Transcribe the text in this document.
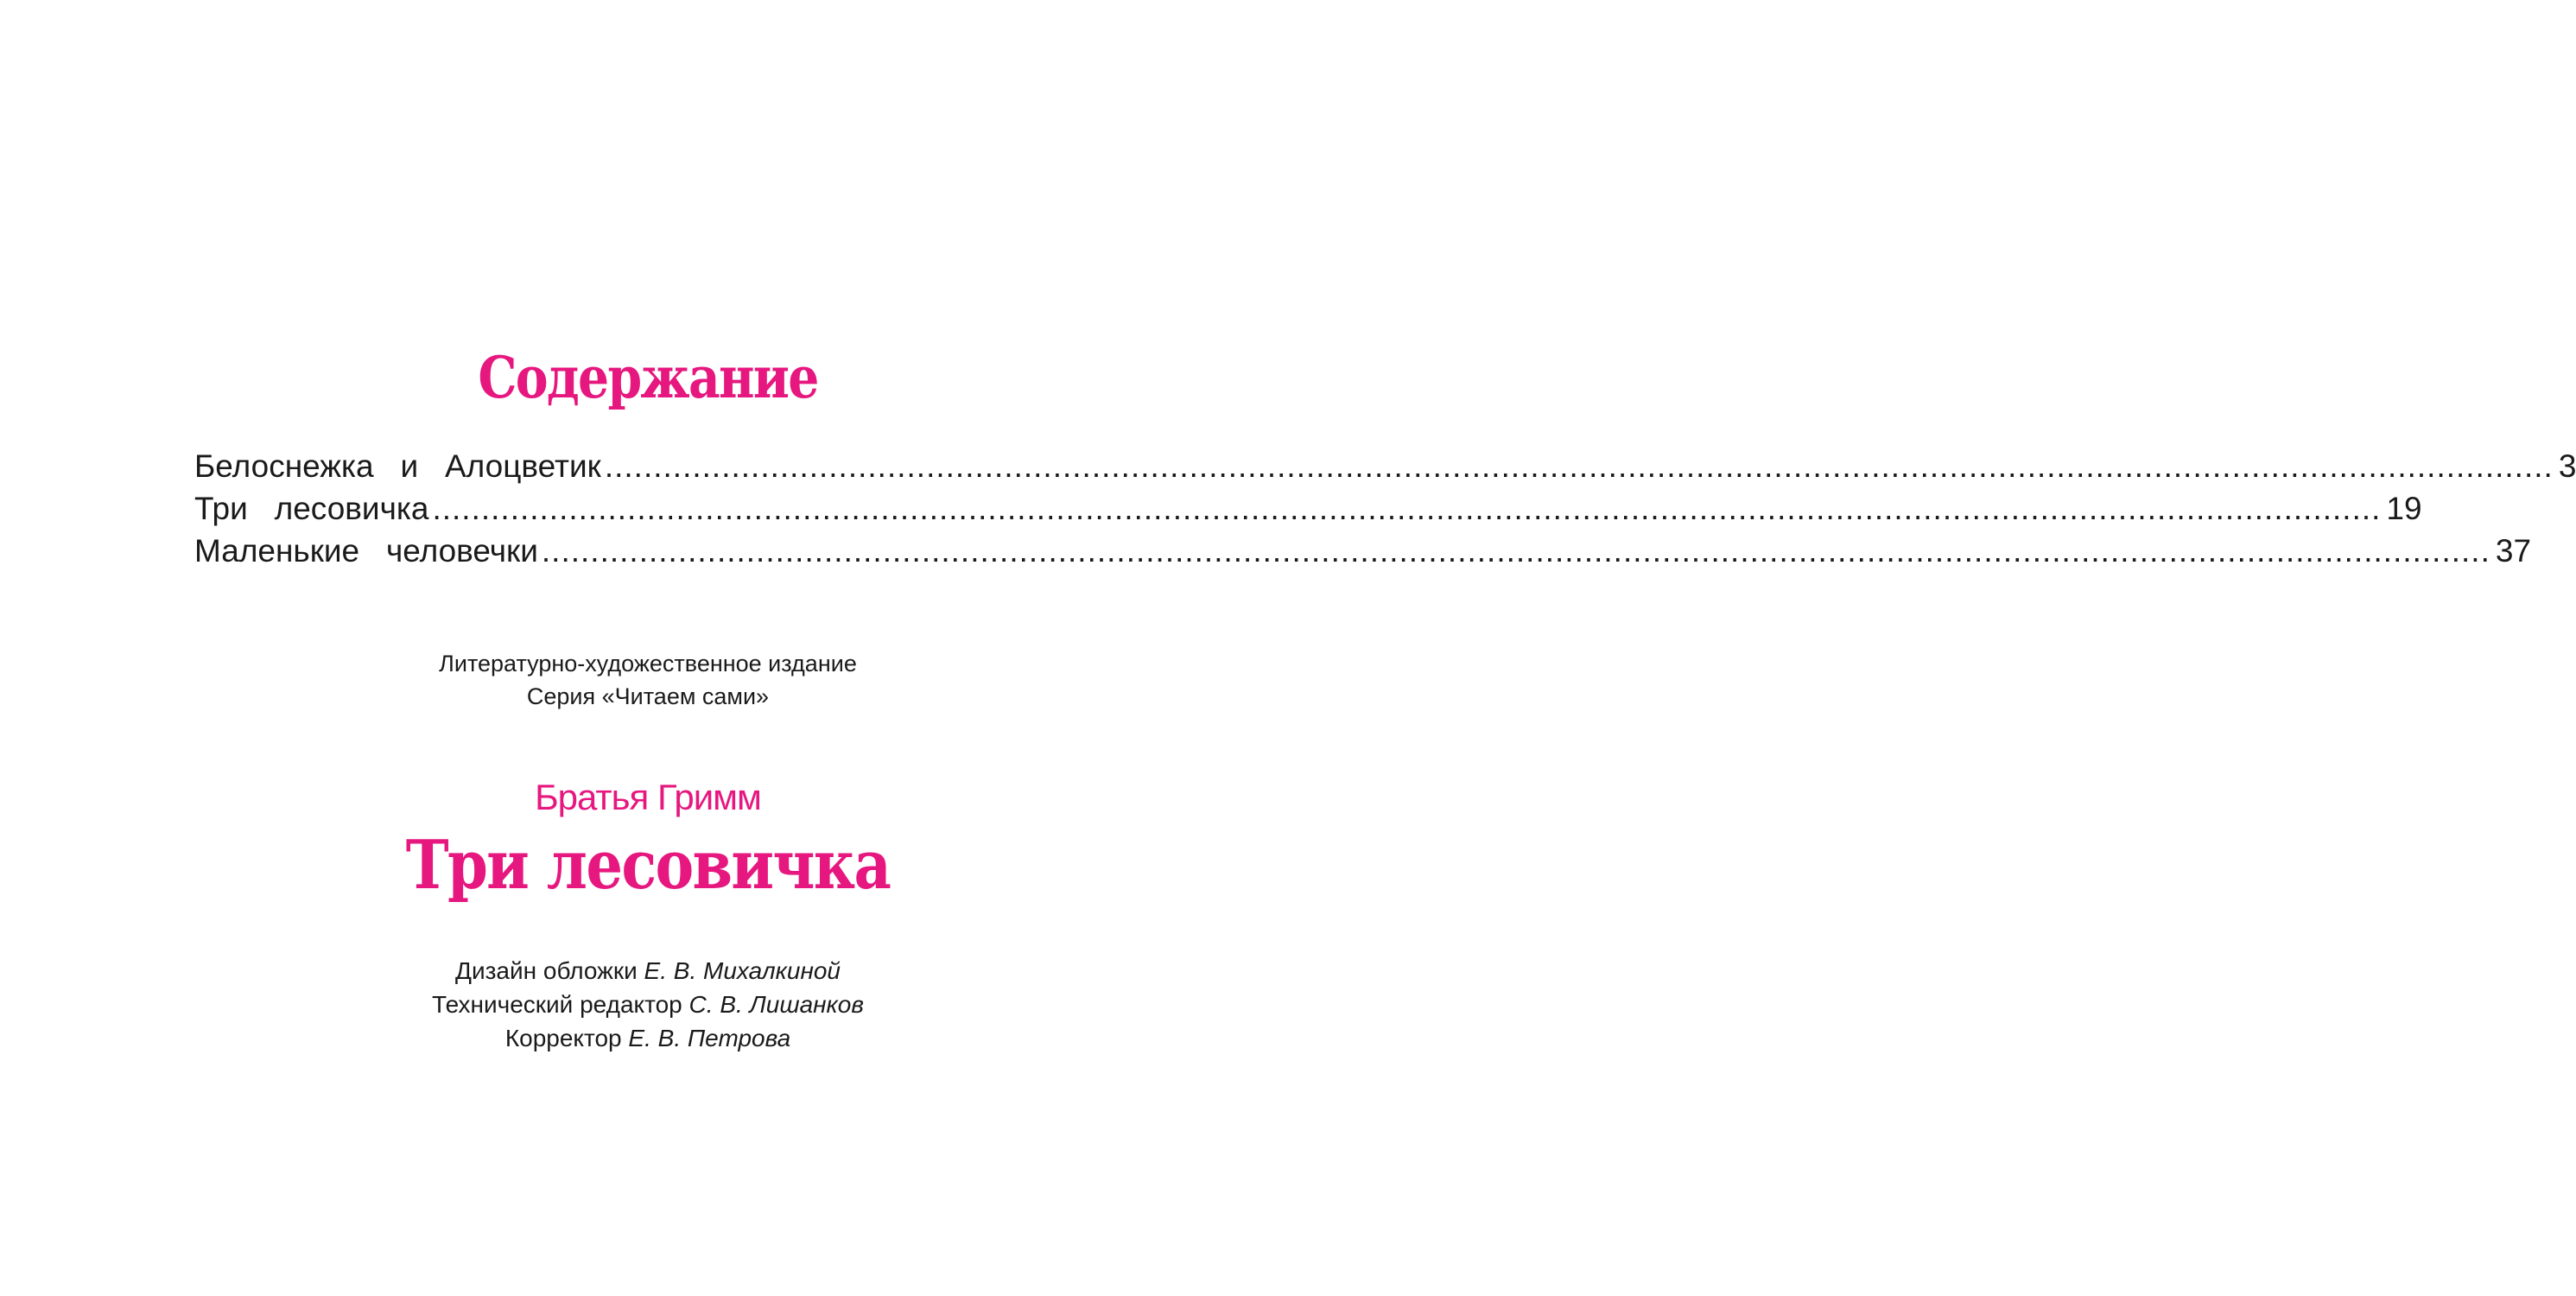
Содержание
Белоснежка   и   Алоцветик ........................................................................................................................................................................................................ 3
Три   лесовичка ........................................................................................................................................................................................................ 19
Маленькие   человечки ........................................................................................................................................................................................................ 37
Литературно-художественное издание
Серия «Читаем сами»
Братья Гримм
Три лесовичка
Дизайн обложки Е. В. Михалкиной
Технический редактор С. В. Лишанков
Корректор Е. В. Петрова
